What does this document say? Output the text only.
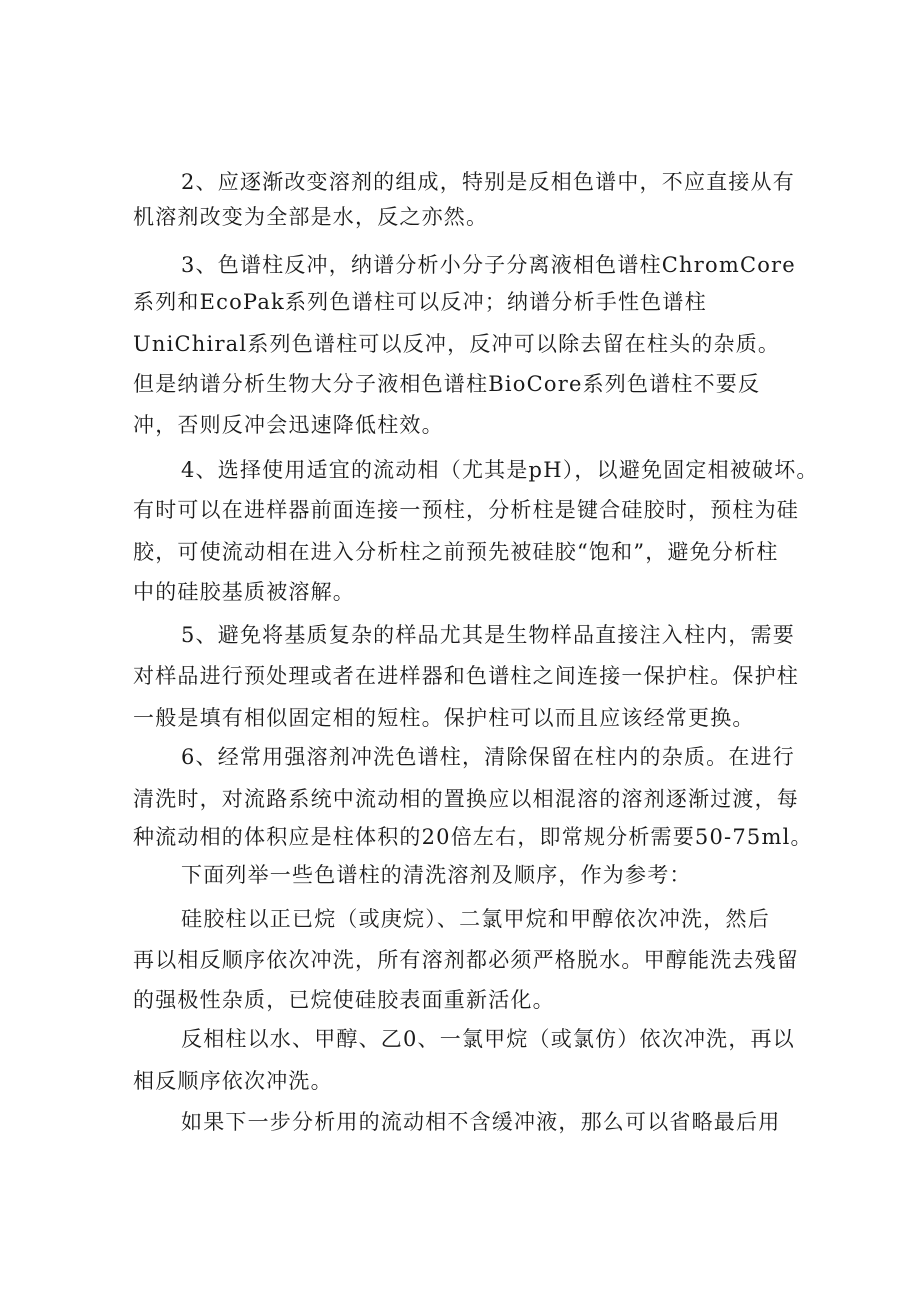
2、应逐渐改变溶剂的组成，特别是反相色谱中，不应直接从有
机溶剂改变为全部是水，反之亦然。
3、色谱柱反冲，纳谱分析小分子分离液相色谱柱ChromCore
系列和EcoPak系列色谱柱可以反冲；纳谱分析手性色谱柱
UniChiral系列色谱柱可以反冲，反冲可以除去留在柱头的杂质。
但是纳谱分析生物大分子液相色谱柱BioCore系列色谱柱不要反
冲，否则反冲会迅速降低柱效。
4、选择使用适宜的流动相（尤其是pH），以避免固定相被破坏。
有时可以在进样器前面连接一预柱，分析柱是键合硅胶时，预柱为硅
胶，可使流动相在进入分析柱之前预先被硅胶“饱和”，避免分析柱
中的硅胶基质被溶解。
5、避免将基质复杂的样品尤其是生物样品直接注入柱内，需要
对样品进行预处理或者在进样器和色谱柱之间连接一保护柱。保护柱
一般是填有相似固定相的短柱。保护柱可以而且应该经常更换。
6、经常用强溶剂冲洗色谱柱，清除保留在柱内的杂质。在进行
清洗时，对流路系统中流动相的置换应以相混溶的溶剂逐渐过渡，每
种流动相的体积应是柱体积的20倍左右，即常规分析需要50-75ml。
下面列举一些色谱柱的清洗溶剂及顺序，作为参考：
硅胶柱以正已烷（或庚烷）、二氯甲烷和甲醇依次冲洗，然后
再以相反顺序依次冲洗，所有溶剂都必须严格脱水。甲醇能洗去残留
的强极性杂质，已烷使硅胶表面重新活化。
反相柱以水、甲醇、乙0、一氯甲烷（或氯仿）依次冲洗，再以
相反顺序依次冲洗。
如果下一步分析用的流动相不含缓冲液，那么可以省略最后用
